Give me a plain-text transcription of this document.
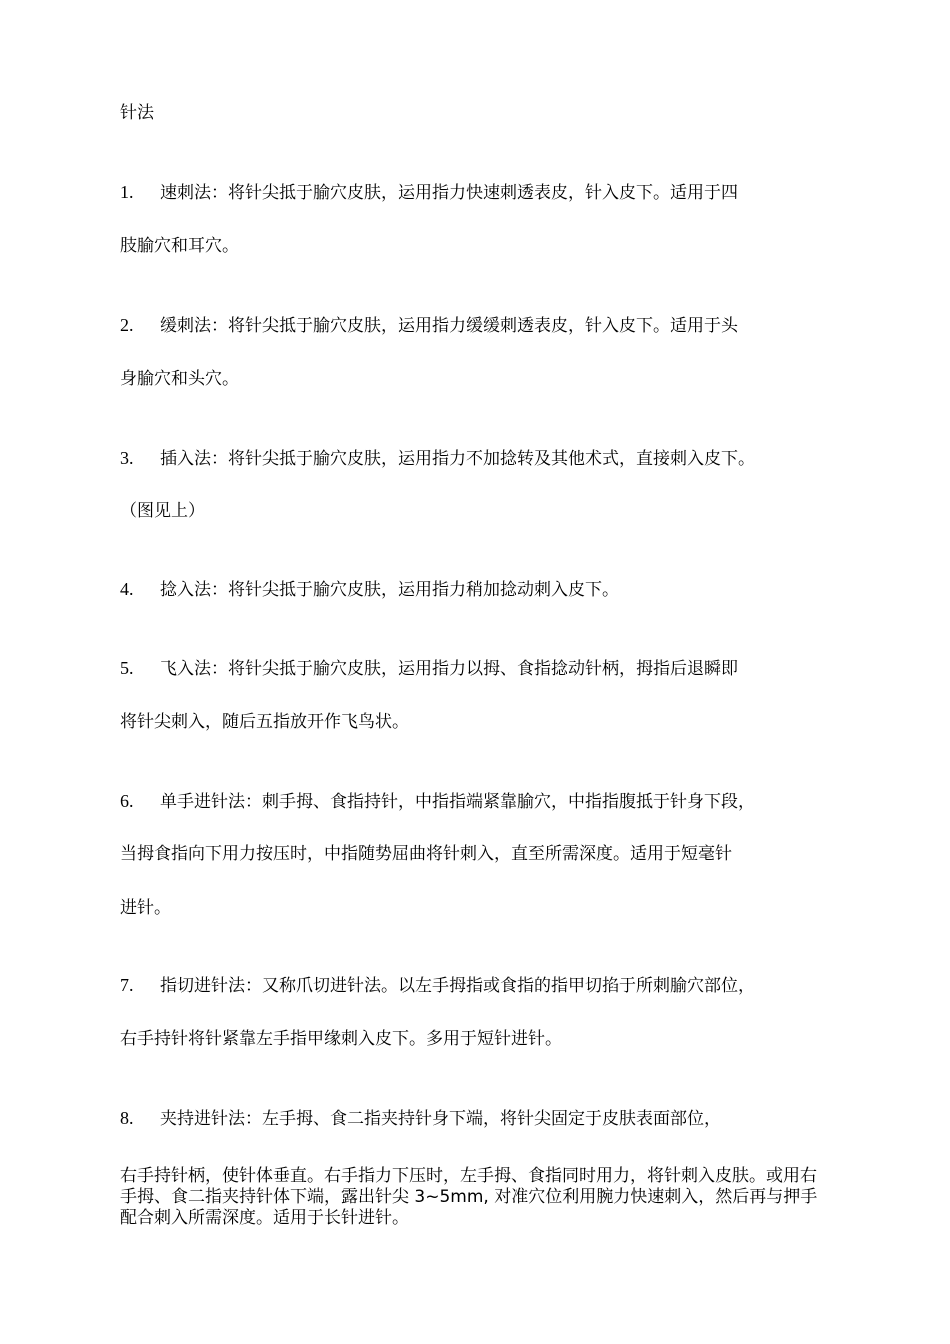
针法
1. 速刺法：将针尖抵于腧穴皮肤，运用指力快速刺透表皮，针入皮下。适用于四
肢腧穴和耳穴。
2. 缓刺法：将针尖抵于腧穴皮肤，运用指力缓缓刺透表皮，针入皮下。适用于头
身腧穴和头穴。
3. 插入法：将针尖抵于腧穴皮肤，运用指力不加捻转及其他术式，直接刺入皮下。
（图见上）
4. 捻入法：将针尖抵于腧穴皮肤，运用指力稍加捻动刺入皮下。
5. 飞入法：将针尖抵于腧穴皮肤，运用指力以拇、食指捻动针柄，拇指后退瞬即
将针尖刺入，随后五指放开作飞鸟状。
6. 单手进针法：刺手拇、食指持针，中指指端紧靠腧穴，中指指腹抵于针身下段，
当拇食指向下用力按压时，中指随势屈曲将针刺入，直至所需深度。适用于短毫针
进针。
7. 指切进针法：又称爪切进针法。以左手拇指或食指的指甲切掐于所刺腧穴部位，
右手持针将针紧靠左手指甲缘刺入皮下。多用于短针进针。
8. 夹持进针法：左手拇、食二指夹持针身下端，将针尖固定于皮肤表面部位，
右手持针柄，使针体垂直。右手指力下压时，左手拇、食指同时用力，将针刺入皮肤。或用右手拇、食二指夹持针体下端，露出针尖 3~5mm, 对准穴位利用腕力快速刺入，然后再与押手配合刺入所需深度。适用于长针进针。
